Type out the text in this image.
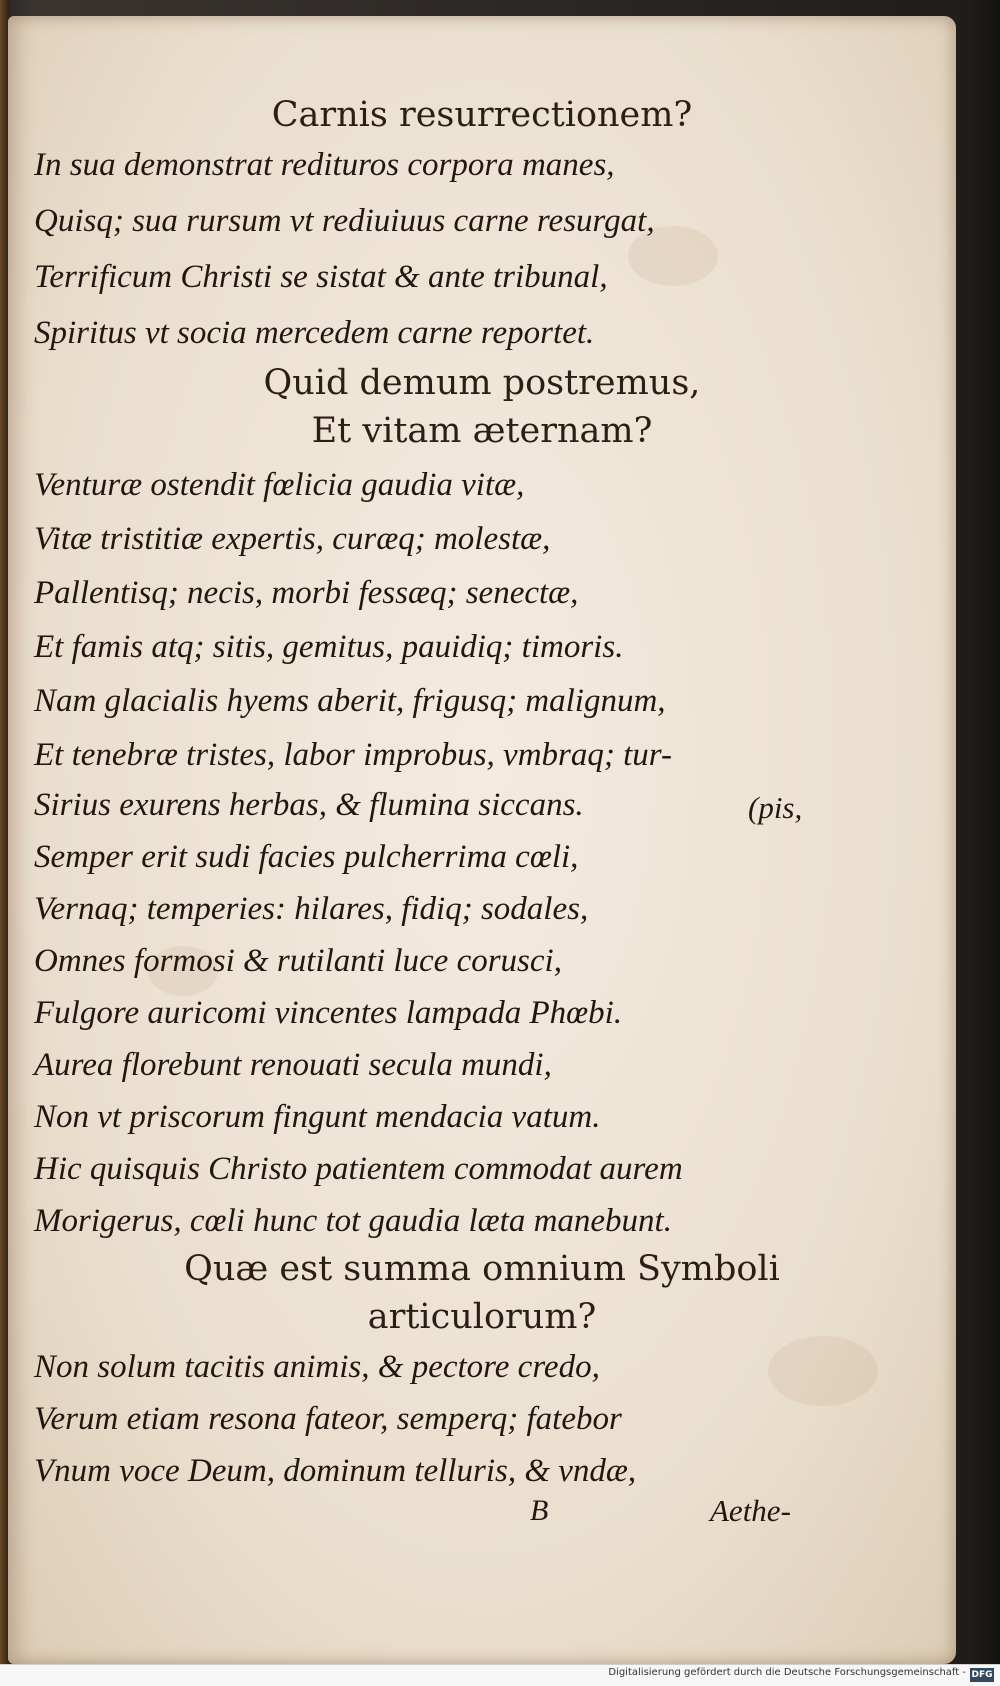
Carnis resurrectionem?
In sua demonstrat redituros corpora manes,
Quisq; sua rursum vt rediuiuus carne resurgat,
Terrificum Christi se sistat & ante tribunal,
Spiritus vt socia mercedem carne reportet.
Quid demum postremus,
Et vitam æternam?
Venturæ ostendit fœlicia gaudia vitæ,
Vitæ tristitiæ expertis, curæq; molestæ,
Pallentisq; necis, morbi fessæq; senectæ,
Et famis atq; sitis, gemitus, pauidiq; timoris.
Nam glacialis hyems aberit, frigusq; malignum,
Et tenebræ tristes, labor improbus, vmbraq; tur-
Sirius exurens herbas, & flumina siccans.	(pis,
Semper erit sudi facies pulcherrima cœli,
Vernaq; temperies: hilares, fidiq; sodales,
Omnes formosi & rutilanti luce corusci,
Fulgore auricomi vincentes lampada Phœbi.
Aurea florebunt renouati secula mundi,
Non vt priscorum fingunt mendacia vatum.
Hic quisquis Christo patientem commodat aurem
Morigerus, cœli hunc tot gaudia læta manebunt.
Quæ est summa omnium Symboli
articulorum?
Non solum tacitis animis, & pectore credo,
Verum etiam resona fateor, semperq; fatebor
Vnum voce Deum, dominum telluris, & vndæ,
B	Aethe-
Digitalisierung gefördert durch die Deutsche Forschungsgemeinschaft - DFG
